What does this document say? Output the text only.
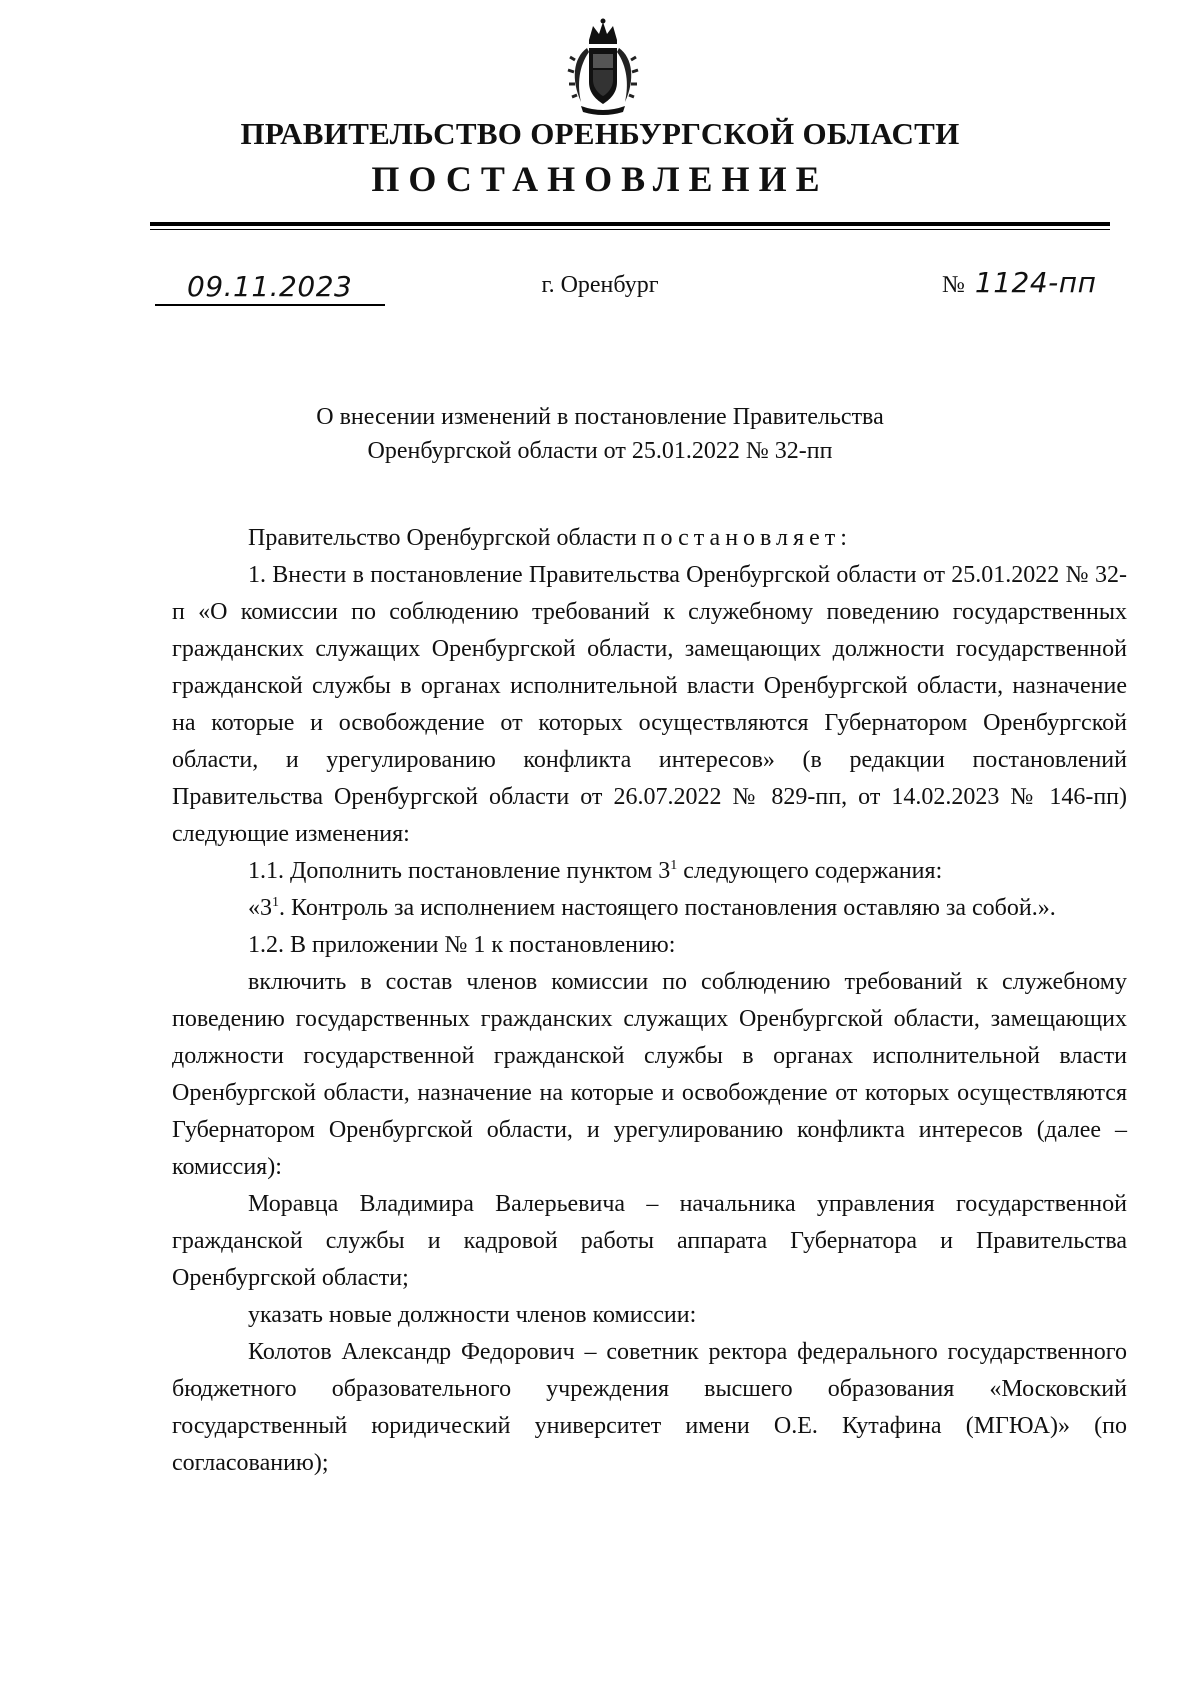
ПРАВИТЕЛЬСТВО ОРЕНБУРГСКОЙ ОБЛАСТИ
ПОСТАНОВЛЕНИЕ
09.11.2023	г. Оренбург	№ 1124-пп
О внесении изменений в постановление Правительства
Оренбургской области от 25.01.2022 № 32-пп

Правительство Оренбургской области постановляет:

1. Внести в постановление Правительства Оренбургской области от 25.01.2022 № 32-п «О комиссии по соблюдению требований к служебному поведению государственных гражданских служащих Оренбургской области, замещающих должности государственной гражданской службы в органах исполнительной власти Оренбургской области, назначение на которые и освобождение от которых осуществляются Губернатором Оренбургской области, и урегулированию конфликта интересов» (в редакции постановлений Правительства Оренбургской области от 26.07.2022 № 829-пп, от 14.02.2023 № 146-пп) следующие изменения:

1.1. Дополнить постановление пунктом $3^1$ следующего содержания:

«$3^1$. Контроль за исполнением настоящего постановления оставляю за собой.».

1.2. В приложении № 1 к постановлению:

включить в состав членов комиссии по соблюдению требований к служебному поведению государственных гражданских служащих Оренбургской области, замещающих должности государственной гражданской службы в органах исполнительной власти Оренбургской области, назначение на которые и освобождение от которых осуществляются Губернатором Оренбургской области, и урегулированию конфликта интересов (далее – комиссия):

Моравца Владимира Валерьевича – начальника управления государственной гражданской службы и кадровой работы аппарата Губернатора и Правительства Оренбургской области;

указать новые должности членов комиссии:

Колотов Александр Федорович – советник ректора федерального государственного бюджетного образовательного учреждения высшего образования «Московский государственный юридический университет имени О.Е. Кутафина (МГЮА)» (по согласованию);
